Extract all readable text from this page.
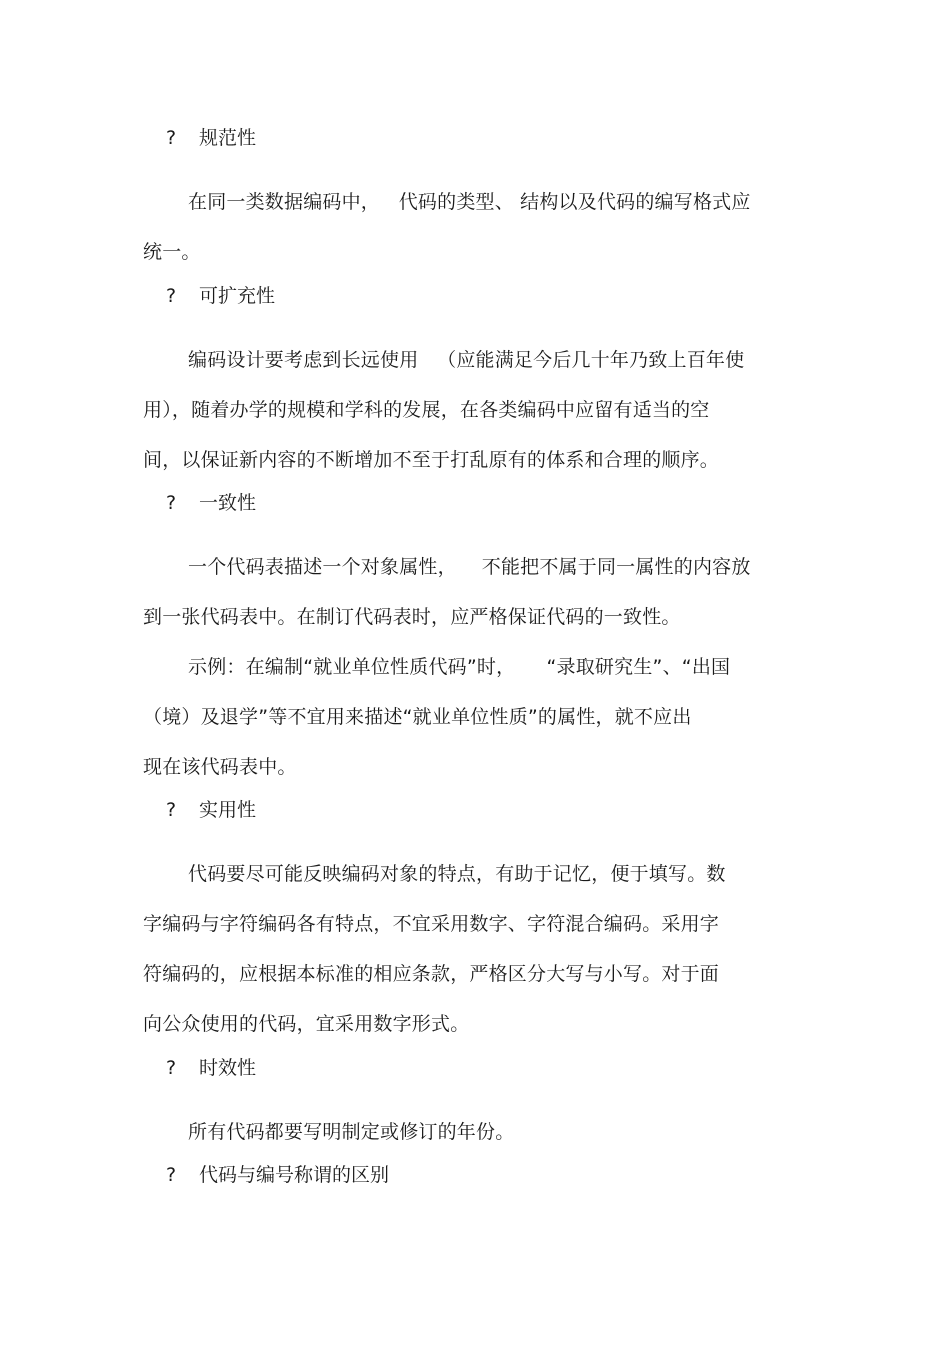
? 规范性
在同一类数据编码中，   代码的类型、 结构以及代码的编写格式应
统一。
? 可扩充性
编码设计要考虑到长远使用   （应能满足今后几十年乃致上百年使
用），随着办学的规模和学科的发展，在各类编码中应留有适当的空
间，以保证新内容的不断增加不至于打乱原有的体系和合理的顺序。
? 一致性
一个代码表描述一个对象属性，    不能把不属于同一属性的内容放
到一张代码表中。在制订代码表时，应严格保证代码的一致性。
示例：在编制“就业单位性质代码”时，     “录取研究生”、“出国
（境）及退学”等不宜用来描述“就业单位性质”的属性，就不应出
现在该代码表中。
? 实用性
代码要尽可能反映编码对象的特点，有助于记忆，便于填写。数
字编码与字符编码各有特点，不宜采用数字、字符混合编码。采用字
符编码的，应根据本标准的相应条款，严格区分大写与小写。对于面
向公众使用的代码，宜采用数字形式。
? 时效性
所有代码都要写明制定或修订的年份。
? 代码与编号称谓的区别
